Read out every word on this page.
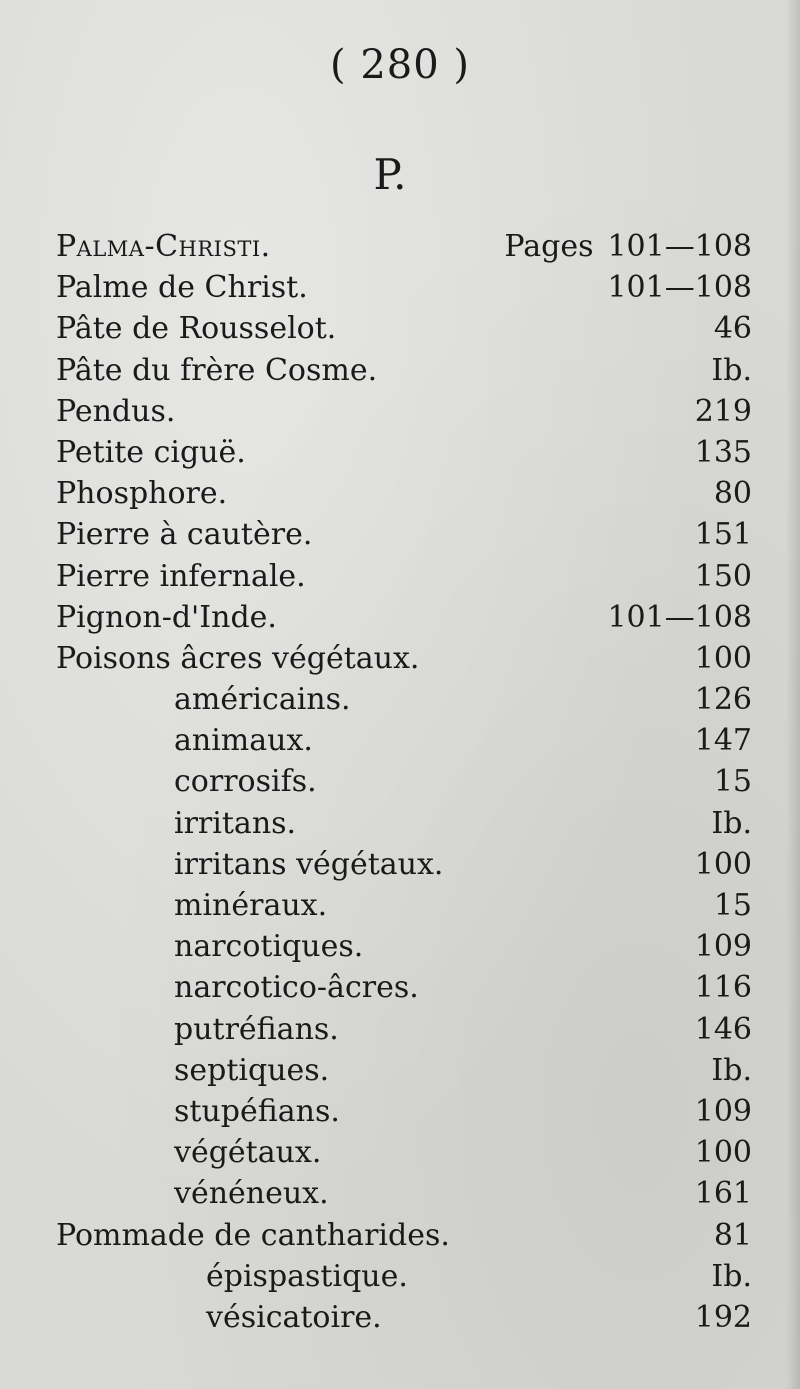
( 280 )
P.
Palma-Christi.	Pages 101—108
Palme de Christ.	101—108
Pâte de Rousselot.	46
Pâte du frère Cosme.	Ib.
Pendus.	219
Petite ciguë.	135
Phosphore.	80
Pierre à cautère.	151
Pierre infernale.	150
Pignon-d'Inde.	101—108
Poisons âcres végétaux.	100
américains.	126
animaux.	147
corrosifs.	15
irritans.	Ib.
irritans végétaux.	100
minéraux.	15
narcotiques.	109
narcotico-âcres.	116
putréfians.	146
septiques.	Ib.
stupéfians.	109
végétaux.	100
vénéneux.	161
Pommade de cantharides.	81
épispastique.	Ib.
vésicatoire.	192
